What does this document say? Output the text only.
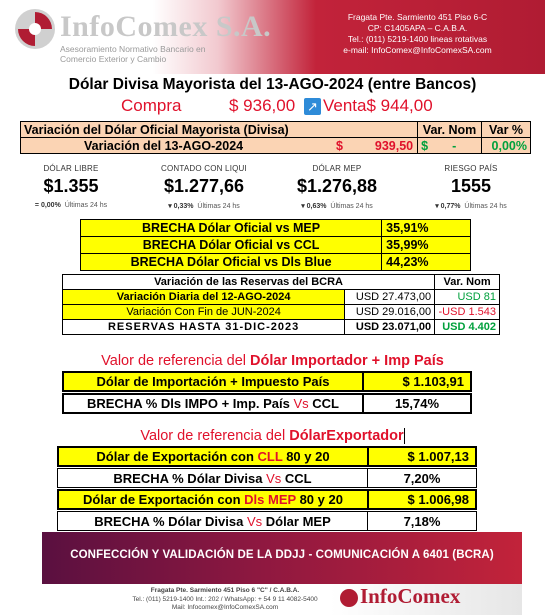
InfoComex S.A.
Asesoramiento Normativo Bancario en
Comercio Exterior y Cambio
Fragata Pte. Sarmiento 451 Piso 6-C
CP: C1405APA – C.A.B.A.
Tel.: (011) 5219-1400 lineas rotativas
e-mail: InfoComex@InfoComexSA.com
Dólar Divisa Mayorista del 13-AGO-2024 (entre Bancos)
Compra	$ 936,00 ↗ Venta$ 944,00
Variación del Dólar Oficial Mayorista (Divisa)	Var. Nom	Var %
Variación del 13-AGO-2024 $ 939,50	$ -	0,00%
DÓLAR LIBRE
$1.355
= 0,00% Últimas 24 hs
CONTADO CON LIQUI
$1.277,66
▾ 0,33% Últimas 24 hs
DÓLAR MEP
$1.276,88
▾ 0,63% Últimas 24 hs
RIESGO PAÍS
1555
▾ 0,77% Últimas 24 hs
BRECHA Dólar Oficial vs MEP	35,91%
BRECHA Dólar Oficial vs CCL	35,99%
BRECHA Dólar Oficial vs Dls Blue	44,23%
Variación de las Reservas del BCRA		Var. Nom
Variación Diaria del 12-AGO-2024	USD 27.473,00	USD 81
Variación Con Fin de JUN-2024	USD 29.016,00	-USD 1.543
RESERVAS HASTA 31-DIC-2023	USD 23.071,00	USD 4.402
Valor de referencia del Dólar Importador + Imp País
Dólar de Importación + Impuesto País	$ 1.103,91
BRECHA % Dls IMPO + Imp. País Vs CCL	15,74%
Valor de referencia del DólarExportador
Dólar de Exportación con CLL 80 y 20	$ 1.007,13
BRECHA % Dólar Divisa Vs CCL	7,20%
Dólar de Exportación con Dls MEP 80 y 20	$ 1.006,98
BRECHA % Dólar Divisa Vs Dólar MEP	7,18%
CONFECCIÓN Y VALIDACIÓN DE LA DDJJ - COMUNICACIÓN A 6401 (BCRA)
Fragata Pte. Sarmiento 451 Piso 6 "C" / C.A.B.A.
Tel.: (011) 5219-1400 Int.: 202 / WhatsApp: + 54 9 11 4082-5400
Mail: Infocomex@InfoComexSA.com	InfoComex
